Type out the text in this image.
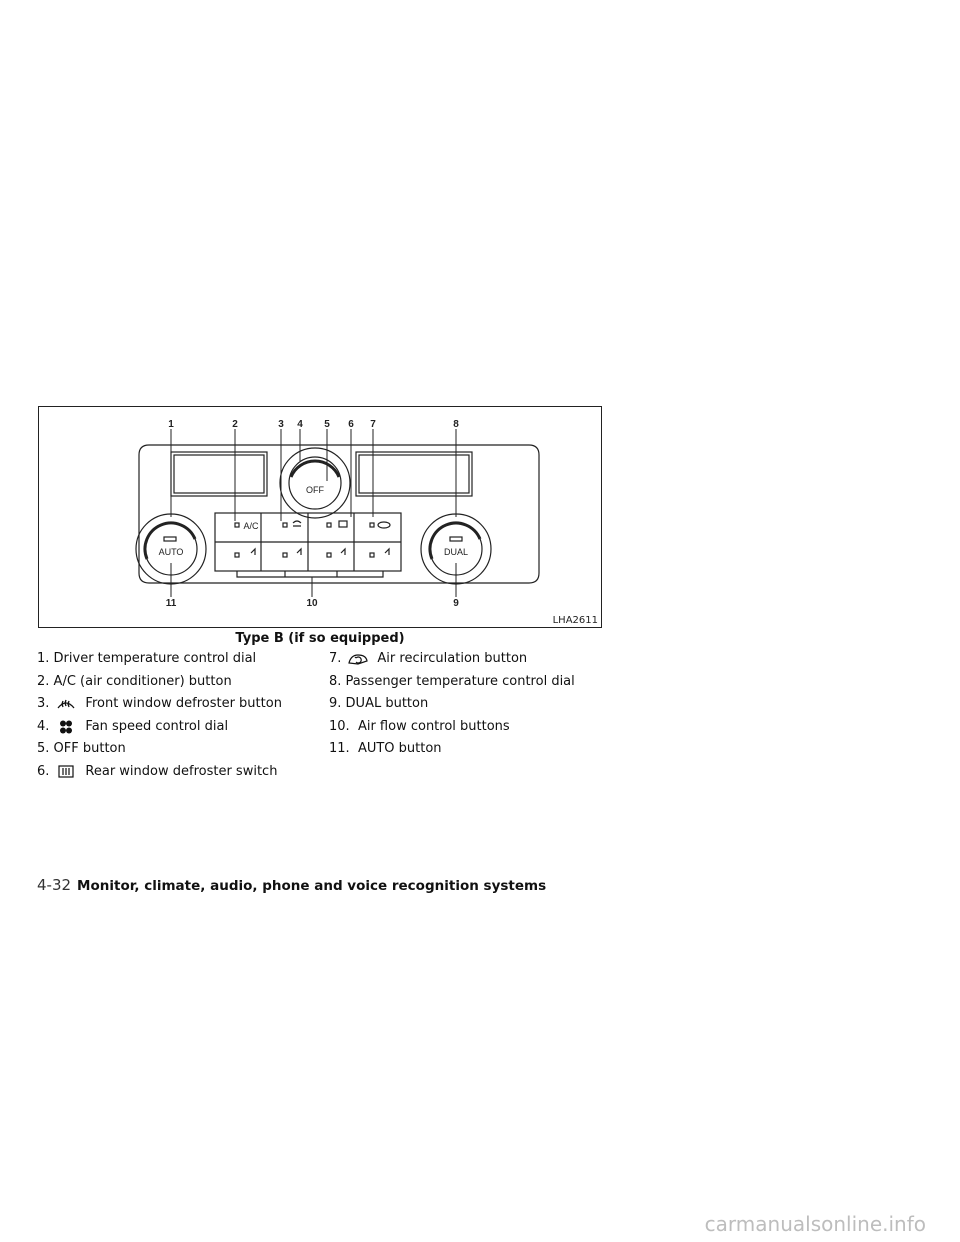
1	2	3 4 5 6 7	8
9
10
11
A/C
OFF
AUTO	DUAL
LHA2611
Type B (if so equipped)
1.
Driver temperature control dial
2.
A/C (air conditioner) button
3.	Front window defroster button
4.	Fan speed control dial
5.
OFF button
6.	Rear window defroster switch
7.	Air recirculation button
8.
Passenger temperature control dial
9.
DUAL button
10.
Air flow control buttons
11.
AUTO button
4-32 Monitor, climate, audio, phone and voice recognition systems
carmanualsonline.info
